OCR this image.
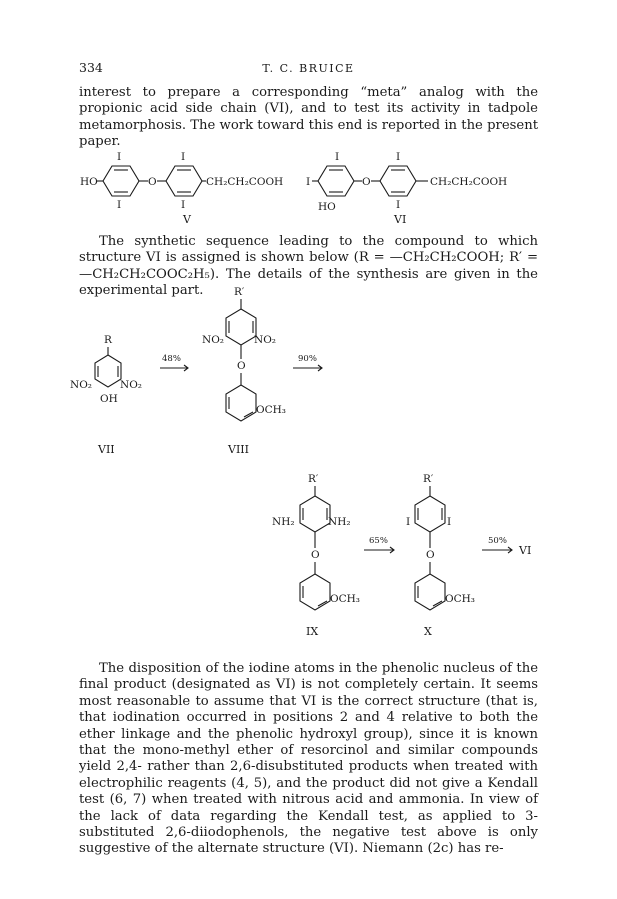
334	T. C. BRUICE

interest to prepare a corresponding “meta” analog with the propionic acid side chain (VI), and to test its activity in tadpole metamorphosis. The work toward this end is reported in the present paper.

HO
I
I
O
I
I
CH₂CH₂COOH
V
I
I
HO
O
I
I
CH₂CH₂COOH
VI

The synthetic sequence leading to the compound to which structure VI is assigned is shown below (R = —CH₂CH₂COOH; R′ = —CH₂CH₂COOC₂H₅). The details of the synthesis are given in the experimental part.

R
NO₂	NO₂
OH
VII
48%
R′
NO₂	NO₂
O
OCH₃
VIII
90%
R′
NH₂	NH₂
O
OCH₃
IX
65%
R′
I	I
O
OCH₃
X
50%
VI

The disposition of the iodine atoms in the phenolic nucleus of the final product (designated as VI) is not completely certain. It seems most reasonable to assume that VI is the correct structure (that is, that iodination occurred in positions 2 and 4 relative to both the ether linkage and the phenolic hydroxyl group), since it is known that the mono-methyl ether of resorcinol and similar compounds yield 2,4- rather than 2,6-disubstituted products when treated with electrophilic reagents (4, 5), and the product did not give a Kendall test (6, 7) when treated with nitrous acid and ammonia. In view of the lack of data regarding the Kendall test, as applied to 3-substituted 2,6-diiodophenols, the negative test above is only suggestive of the alternate structure (VI). Niemann (2c) has re-
